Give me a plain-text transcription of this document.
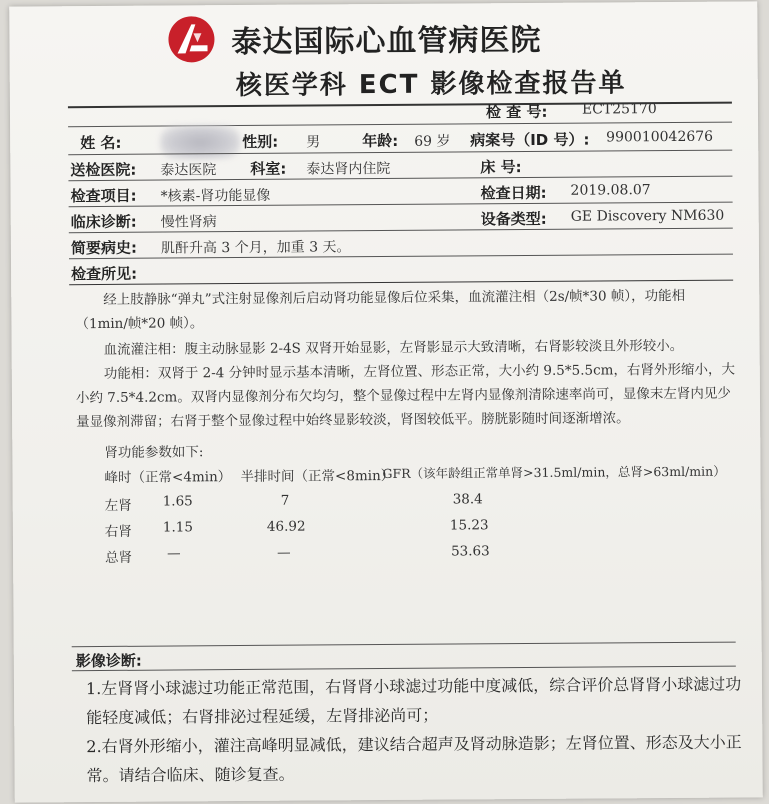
泰达国际心血管病医院
核医学科 ECT 影像检查报告单
检 查 号: ECT25170
姓 名:	性别: 男	年龄: 69 岁 病案号（ID 号）: 990010042676
送检医院: 泰达医院 科室: 泰达肾内住院	床 号:
检查项目: *核素-肾功能显像	检查日期: 2019.08.07
临床诊断: 慢性肾病	设备类型: GE Discovery NM630
简要病史: 肌酐升高 3 个月，加重 3 天。
检查所见:
经上肢静脉“弹丸”式注射显像剂后启动肾功能显像后位采集，血流灌注相（2s/帧*30 帧），功能相（1min/帧*20 帧）。
血流灌注相：腹主动脉显影 2-4S 双肾开始显影，左肾影显示大致清晰，右肾影较淡且外形较小。
功能相：双肾于 2-4 分钟时显示基本清晰，左肾位置、形态正常，大小约 9.5*5.5cm，右肾外形缩小，大小约 7.5*4.2cm。双肾内显像剂分布欠均匀，整个显像过程中左肾内显像剂清除速率尚可，显像末左肾内见少量显像剂滞留；右肾于整个显像过程中始终显影较淡，肾图较低平。膀胱影随时间逐渐增浓。
肾功能参数如下:
峰时（正常<4min） 半排时间（正常<8min）
GFR（该年龄组正常单肾>31.5ml/min，总肾>63ml/min）
左肾 1.65	7	38.4
右肾 1.15	46.92	15.23
总肾	—	—	53.63
影像诊断:
1.左肾肾小球滤过功能正常范围，右肾肾小球滤过功能中度减低，综合评价总肾肾小球滤过功能轻度减低；右肾排泌过程延缓，左肾排泌尚可；
2.右肾外形缩小，灌注高峰明显减低，建议结合超声及肾动脉造影；左肾位置、形态及大小正常。请结合临床、随诊复查。
